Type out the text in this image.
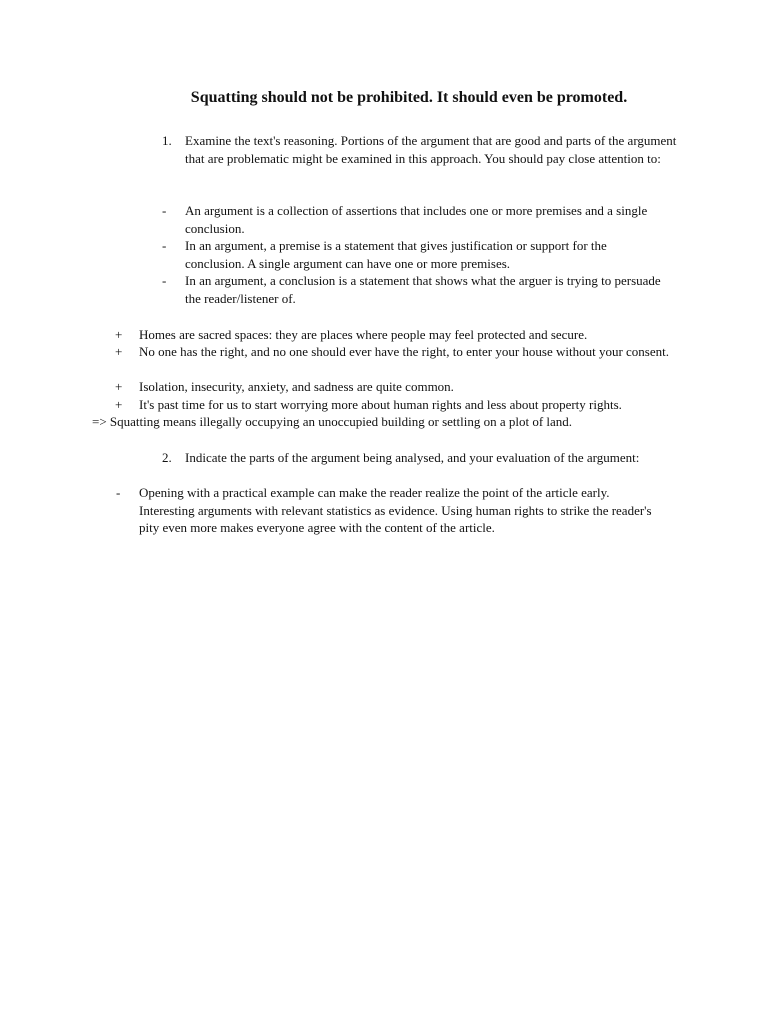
Squatting should not be prohibited. It should even be promoted.
1. Examine the text's reasoning. Portions of the argument that are good and parts of the argument that are problematic might be examined in this approach. You should pay close attention to:
- An argument is a collection of assertions that includes one or more premises and a single conclusion.
- In an argument, a premise is a statement that gives justification or support for the conclusion. A single argument can have one or more premises.
- In an argument, a conclusion is a statement that shows what the arguer is trying to persuade the reader/listener of.
+ Homes are sacred spaces: they are places where people may feel protected and secure.
+ No one has the right, and no one should ever have the right, to enter your house without your consent.
+ Isolation, insecurity, anxiety, and sadness are quite common.
+ It's past time for us to start worrying more about human rights and less about property rights.
=> Squatting means illegally occupying an unoccupied building or settling on a plot of land.
2. Indicate the parts of the argument being analysed, and your evaluation of the argument:
- Opening with a practical example can make the reader realize the point of the article early. Interesting arguments with relevant statistics as evidence. Using human rights to strike the reader's pity even more makes everyone agree with the content of the article.
